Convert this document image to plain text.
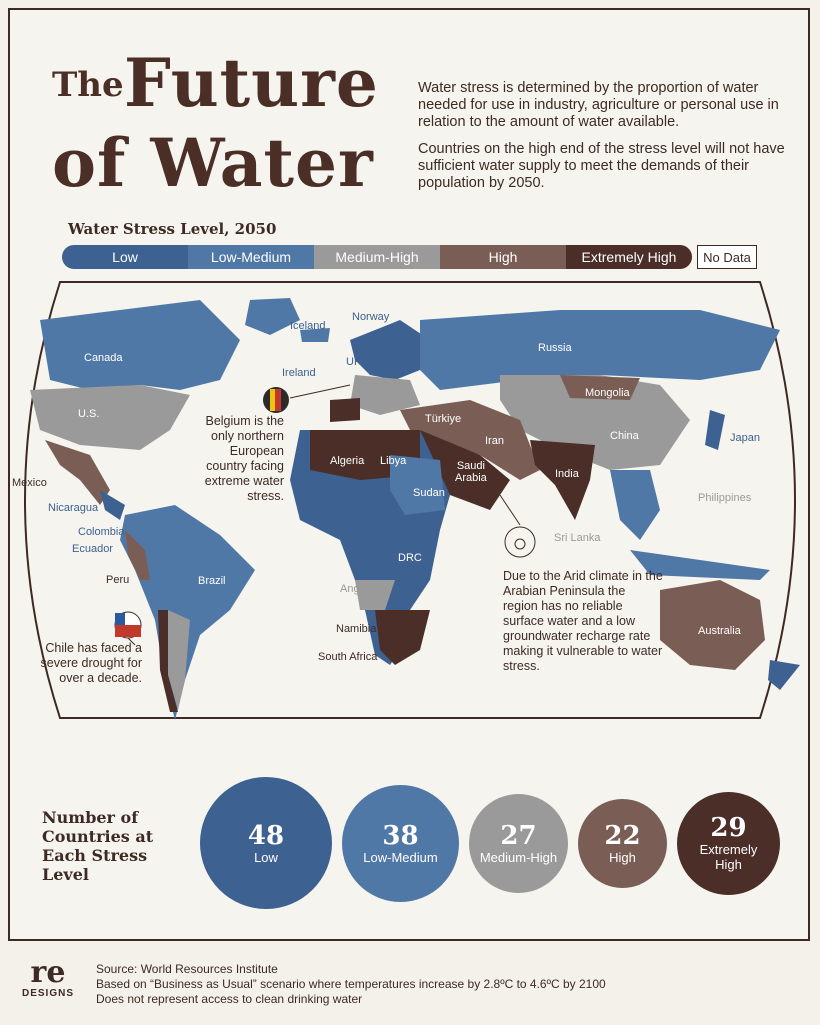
The Future
of Water

Water stress is determined by the proportion of water needed for use in industry, agriculture or personal use in relation to the amount of water available.

Countries on the high end of the stress level will not have sufficient water supply to meet the demands of their population by 2050.

Water Stress Level, 2050
Low	Low-Medium	Medium-High	High	Extremely High	No Data
Iceland
Norway
Canada
Russia
Ireland
UK
U.S.
Mongolia
Türkiye
Iran	China	Japan
Algeria Libya	Saudi
Arabia	India
Mexico
Sudan	Philippines
Nicaragua
Colombia	Sri Lanka
Ecuador
DRC
Peru	Brazil
Angola
Namibia	Australia
South Africa
Belgium is the only northern European country facing extreme water stress.
Due to the Arid climate in the Arabian Peninsula the region has no reliable surface water and a low groundwater recharge rate making it vulnerable to water stress.
Chile has faced a severe drought for over a decade.
Number of Countries at Each Stress Level
48
Low
38
Low-Medium
27
Medium-High
22
High
29
Extremely High
re
DESIGNS
Source: World Resources Institute
Based on “Business as Usual” scenario where temperatures increase by 2.8ºC to 4.6ºC by 2100
Does not represent access to clean drinking water
